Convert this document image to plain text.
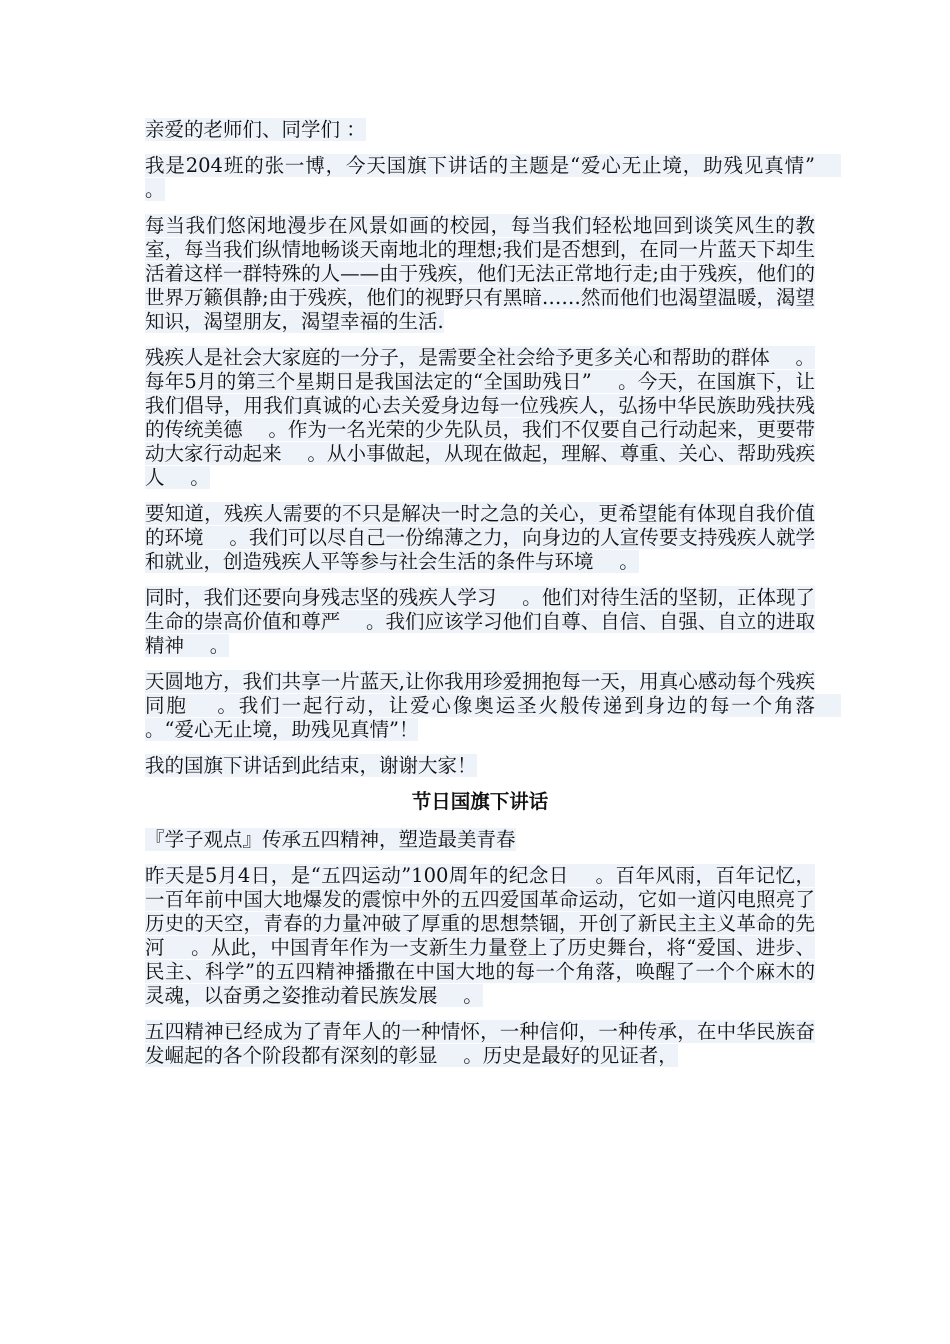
亲爱的老师们、同学们 ：

我是204班的张一博，今天国旗下讲话的主题是“爱心无止境，助残见真情”　 。

每当我们悠闲地漫步在风景如画的校园，每当我们轻松地回到谈笑风生的教室，每当我们纵情地畅谈天南地北的理想;我们是否想到，在同一片蓝天下却生活着这样一群特殊的人——由于残疾，他们无法正常地行走;由于残疾，他们的世界万籁俱静;由于残疾，他们的视野只有黑暗……然而他们也渴望温暖，渴望知识，渴望朋友，渴望幸福的生活.

残疾人是社会大家庭的一分子，是需要全社会给予更多关心和帮助的群体　 。每年5月的第三个星期日是我国法定的“全国助残日”　 。今天，在国旗下，让我们倡导，用我们真诚的心去关爱身边每一位残疾人，弘扬中华民族助残扶残的传统美德　 。作为一名光荣的少先队员，我们不仅要自己行动起来，更要带动大家行动起来　 。从小事做起，从现在做起，理解、尊重、关心、帮助残疾人　 。

要知道，残疾人需要的不只是解决一时之急的关心，更希望能有体现自我价值的环境　 。我们可以尽自己一份绵薄之力，向身边的人宣传要支持残疾人就学和就业，创造残疾人平等参与社会生活的条件与环境　 。

同时，我们还要向身残志坚的残疾人学习　 。他们对待生活的坚韧，正体现了生命的崇高价值和尊严　 。我们应该学习他们自尊、自信、自强、自立的进取精神　 。

天圆地方，我们共享一片蓝天,让你我用珍爱拥抱每一天，用真心感动每个残疾同胞　 。我们一起行动，让爱心像奥运圣火般传递到身边的每一个角落　 。“爱心无止境，助残见真情”！

我的国旗下讲话到此结束，谢谢大家！

节日国旗下讲话

『学子观点』传承五四精神，塑造最美青春

昨天是5月4日，是“五四运动”100周年的纪念日　 。百年风雨，百年记忆，一百年前中国大地爆发的震惊中外的五四爱国革命运动，它如一道闪电照亮了历史的天空，青春的力量冲破了厚重的思想禁锢，开创了新民主主义革命的先河　 。从此，中国青年作为一支新生力量登上了历史舞台，将“爱国、进步、民主、科学”的五四精神播撒在中国大地的每一个角落，唤醒了一个个麻木的灵魂，以奋勇之姿推动着民族发展　 。

五四精神已经成为了青年人的一种情怀，一种信仰，一种传承，在中华民族奋发崛起的各个阶段都有深刻的彰显　 。历史是最好的见证者，
